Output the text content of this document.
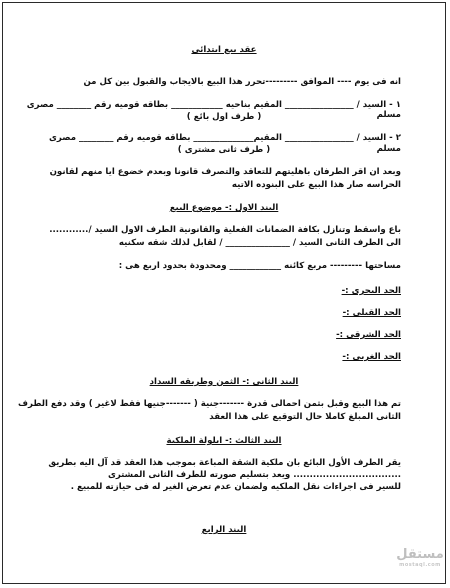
عقد بيع ابتدائى
انه فى يوم ---- الموافق ---------تحرر هذا البيع بالايجاب والقبول بين كل من
١ - السيد / ________________ المقيم بناحيه ____________ بطاقه قوميه رقم ________ مصرى
مسلم
( طرف اول بائع )
٢ - السيد / ________________ المقيم______________ بطاقه قوميه رقم ________ مصرى
مسلم
( طرف ثانى مشترى )
وبعد ان اقر الطرفان باهليتهم للتعاقد والتصرف قانونا وبعدم خضوع ايا منهم لقانون
الحراسه صار هذا البيع على البنوده الاتيه
البند الاول :- موضوع البيع
باع واسقط وتنازل بكافة الضمانات الفعلية والقانونية الطرف الاول السيد /............
الى الطرف الثانى السيد / _______________ / لقابل لذلك شقه سكنيه
مساحتها --------- مربع كائنه ____________ ومحدودة بحدود اربع هى :
الحد البحرى :-
الحد القبلى :-
الحد الشرقى :-
الحد الغربى :-
البند الثانى :- الثمن وطريقه السداد
تم هذا البيع وقبل بثمن احمالى قدرة -------جنية ( -------جنيها فقط لاغير ) وقد دفع الطرف
الثانى المبلغ كاملا حال التوقيع على هذا العقد
البند الثالث :- ايلولة الملكية
يقر الطرف الأول البائع بان ملكية الشقة المباعة بموجب هذا العقد قد آل اليه بطريق
................................. ويعد بتسليم صورته للطرف الثانى المشترى
للسير فى اجراءات نقل الملكيه ولضمان عدم تعرض الغير له فى حيازته للمبيع .
البند الرابع
مستقل
mostaql.com
